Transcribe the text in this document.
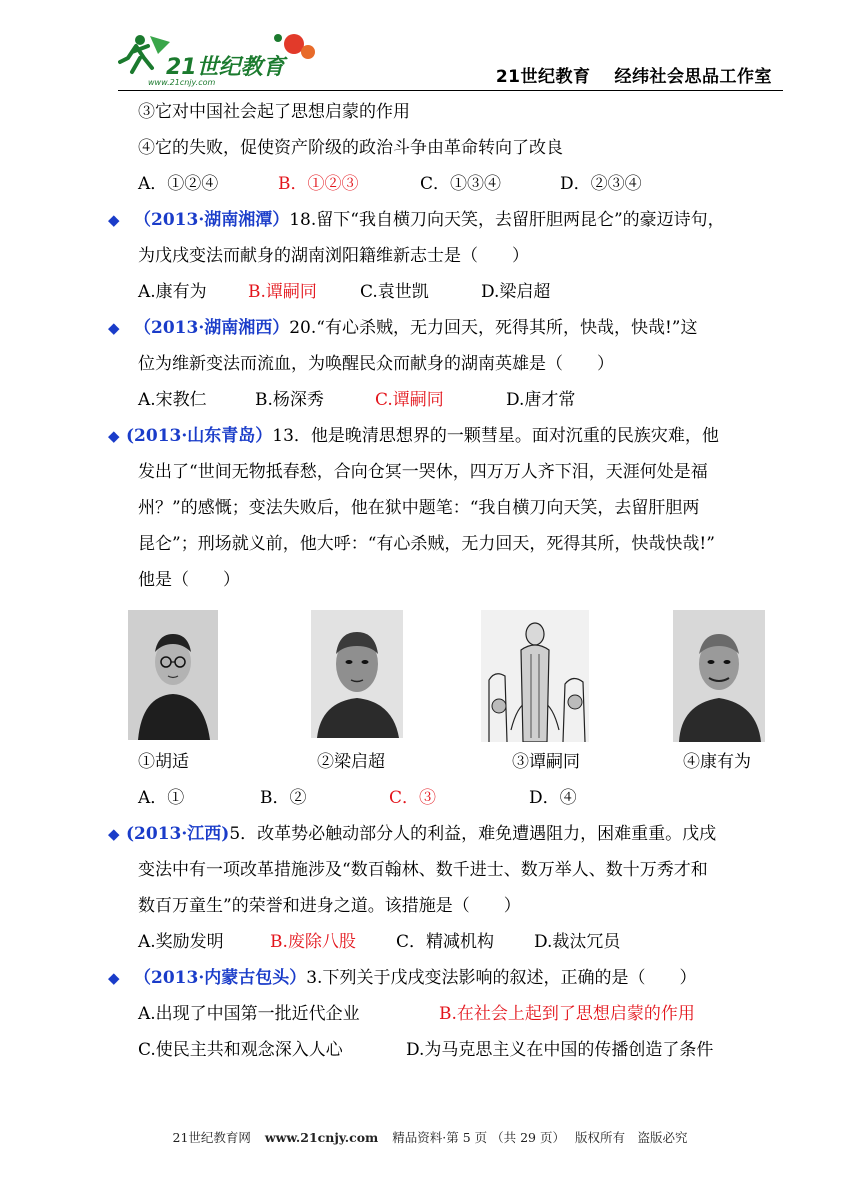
21世纪教育
www.21cnjy.com	21世纪教育 经纬社会思品工作室
③它对中国社会起了思想启蒙的作用
④它的失败，促使资产阶级的政治斗争由革命转向了改良
A．①②④	B．①②③	C．①③④	D．②③④
◆ （2013·湖南湘潭）18.留下“我自横刀向天笑，去留肝胆两昆仑”的豪迈诗句，
为戊戌变法而献身的湖南浏阳籍维新志士是（　　）
A.康有为 B.谭嗣同	C.袁世凯	D.梁启超
◆ （2013·湖南湘西）20.“有心杀贼，无力回天，死得其所，快哉，快哉!”这
位为维新变法而流血，为唤醒民众而献身的湖南英雄是（　　）
A.宋教仁	B.杨深秀	C.谭嗣同	D.唐才常
◆ (2013·山东青岛）13．他是晚清思想界的一颗彗星。面对沉重的民族灾难，他
发出了“世间无物抵春愁，合向仓冥一哭休，四万万人齐下泪，天涯何处是福
州？”的感慨；变法失败后，他在狱中题笔：“我自横刀向天笑，去留肝胆两
昆仑”；刑场就义前，他大呼：“有心杀贼，无力回天，死得其所，快哉快哉!”
他是（　　）
①胡适	②梁启超	③谭嗣同	④康有为
A．①	B．②	C．③	D．④
◆ (2013·江西)5．改革势必触动部分人的利益，难免遭遇阻力，困难重重。戊戌
变法中有一项改革措施涉及“数百翰林、数千进士、数万举人、数十万秀才和
数百万童生”的荣誉和进身之道。该措施是（　　）
A.奖励发明	B.废除八股 C．精减机构 D.裁汰冗员
◆ （2013·内蒙古包头）3.下列关于戊戌变法影响的叙述，正确的是（　　）
A.出现了中国第一批近代企业	B.在社会上起到了思想启蒙的作用
C.使民主共和观念深入人心	D.为马克思主义在中国的传播创造了条件
21世纪教育网 www.21cnjy.com 精品资料·第 5 页 （共 29 页） 版权所有　盗版必究
